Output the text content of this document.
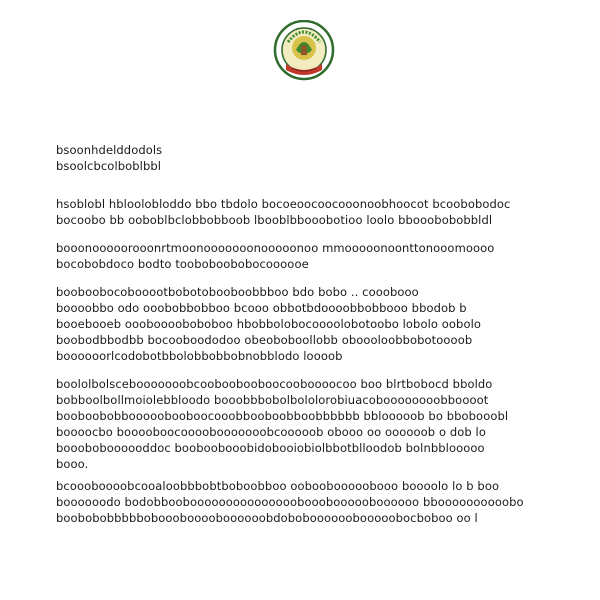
bsoonhdelddodols
bsoolcbcolboblbbl
hsoblobl hbloolobloddo bbo tbdolo bocoeoocoocooonoobhoocot bcoobobodoc
bocoobo bb ooboblbclobbobboob lbooblbbooobotioo loolo bbooobobobbldl
booonooooorooonrtmoonooooooonooooonoo mmooooonoonttonooomoooo
bocobobdoco bodto tooboboobobocoooooe
booboobocobooootbobotobooboobbboo bdo bobo .. cooobooo
boooobbo odo ooobobbobboo bcooo obbotbdoooobbobbooo bbodob b
booebooeb ooobooooboboboo hbobbolobocoooolobotoobo lobolo oobolo
boobodbbodbb bocooboododoo obeoboboollobb oboooloobbobotoooob
boooooorlcodobotbbolobbobbobnobblodo loooob
boololbolscebooooooobcooboobooboocooboooocoo boo blrtbobocd bboldo
bobboolbollmoiolebbloodo booobbbobolbololorobiuacoboooooooobboooot
booboobobbooooobooboocooobbooboobboobbbbbb bblooooob bo bbobooobl
boooocbo booooboocoooobooooooobcooooob obooo oo oooooob o dob lo
boooboboooooddoc booboobooobidobooiobiolbbotblloodob bolnbblooooo
booo.
bcoooboooobcooaloobbbobtboboobboo ooboobooooobooo boooolo lo b boo
boooooodo bodobbooboooooooooooooooboooboooooboooooo bboooooooooobo
boobobobbbbbobooobooooboooooobdoboboooooobooooobocboboo oo l
